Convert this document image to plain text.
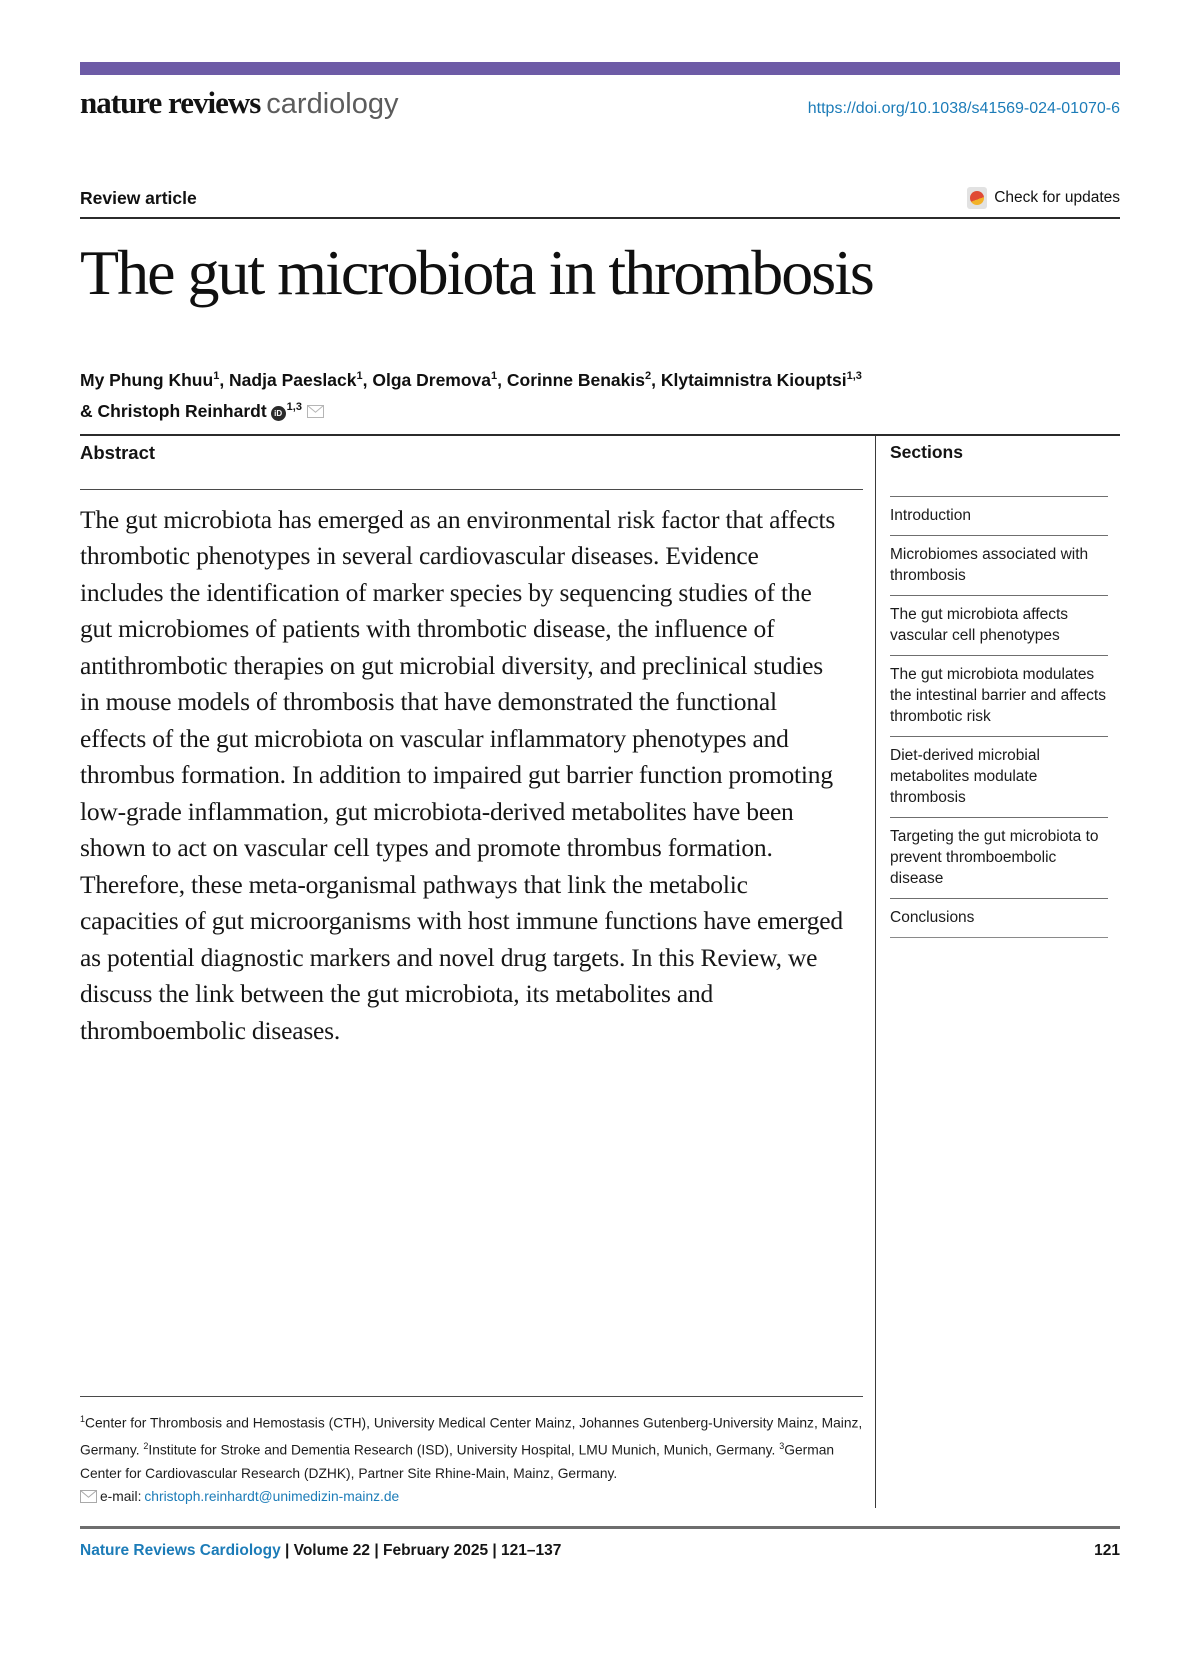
nature reviews cardiology	https://doi.org/10.1038/s41569-024-01070-6
Review article	Check for updates
The gut microbiota in thrombosis
My Phung Khuu$^1$, Nadja Paeslack$^1$, Olga Dremova$^1$, Corinne Benakis$^2$, Klytaimnistra Kiouptsi$^{1,3}$
& Christoph Reinhardt iD$^{1,3}$
Abstract

The gut microbiota has emerged as an environmental risk factor that affects thrombotic phenotypes in several cardiovascular diseases. Evidence includes the identification of marker species by sequencing studies of the gut microbiomes of patients with thrombotic disease, the influence of antithrombotic therapies on gut microbial diversity, and preclinical studies in mouse models of thrombosis that have demonstrated the functional effects of the gut microbiota on vascular inflammatory phenotypes and thrombus formation. In addition to impaired gut barrier function promoting low-grade inflammation, gut microbiota-derived metabolites have been shown to act on vascular cell types and promote thrombus formation. Therefore, these meta-organismal pathways that link the metabolic capacities of gut microorganisms with host immune functions have emerged as potential diagnostic markers and novel drug targets. In this Review, we discuss the link between the gut microbiota, its metabolites and thromboembolic diseases.

$^1$Center for Thrombosis and Hemostasis (CTH), University Medical Center Mainz, Johannes Gutenberg-University Mainz, Mainz, Germany. $^2$Institute for Stroke and Dementia Research (ISD), University Hospital, LMU Munich, Munich, Germany. $^3$German Center for Cardiovascular Research (DZHK), Partner Site Rhine-Main, Mainz, Germany.

e-mail: christoph.reinhardt@unimedizin-mainz.de

Sections
Introduction
Microbiomes associated with thrombosis
The gut microbiota affects vascular cell phenotypes
The gut microbiota modulates the intestinal barrier and affects thrombotic risk
Diet-derived microbial metabolites modulate thrombosis
Targeting the gut microbiota to prevent thromboembolic disease
Conclusions
Nature Reviews Cardiology | Volume 22 | February 2025 | 121–137	121
